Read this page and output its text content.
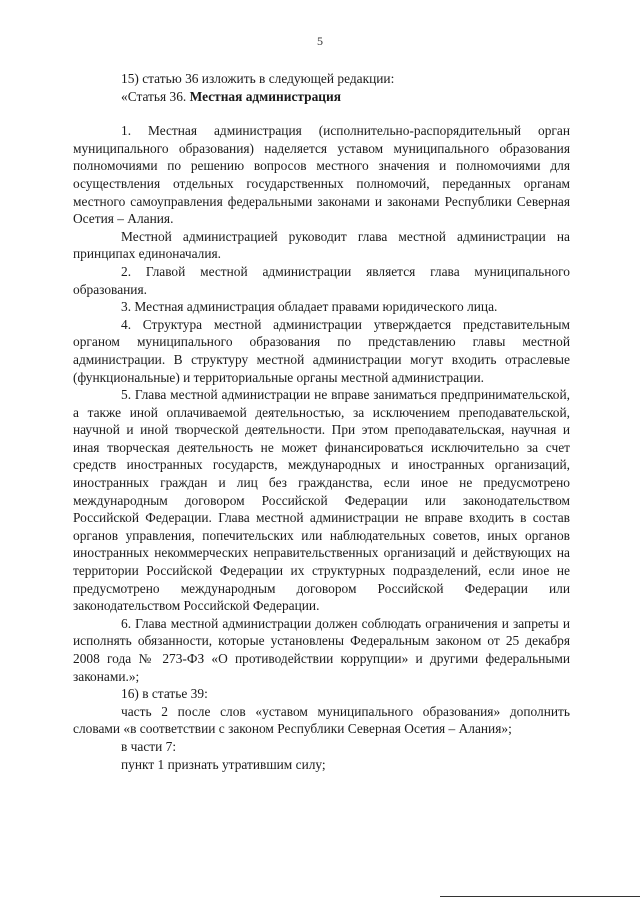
5

15) статью 36 изложить в следующей редакции:

«Статья 36. Местная администрация

1. Местная администрация (исполнительно-распорядительный орган муниципального образования) наделяется уставом муниципального образования полномочиями по решению вопросов местного значения и полномочиями для осуществления отдельных государственных полномочий, переданных органам местного самоуправления федеральными законами и законами Республики Северная Осетия – Алания.

Местной администрацией руководит глава местной администрации на принципах единоначалия.

2. Главой местной администрации является глава муниципального образования.

3. Местная администрация обладает правами юридического лица.

4. Структура местной администрации утверждается представительным органом муниципального образования по представлению главы местной администрации. В структуру местной администрации могут входить отраслевые (функциональные) и территориальные органы местной администрации.

5. Глава местной администрации не вправе заниматься предпринимательской, а также иной оплачиваемой деятельностью, за исключением преподавательской, научной и иной творческой деятельности. При этом преподавательская, научная и иная творческая деятельность не может финансироваться исключительно за счет средств иностранных государств, международных и иностранных организаций, иностранных граждан и лиц без гражданства, если иное не предусмотрено международным договором Российской Федерации или законодательством Российской Федерации. Глава местной администрации не вправе входить в состав органов управления, попечительских или наблюдательных советов, иных органов иностранных некоммерческих неправительственных организаций и действующих на территории Российской Федерации их структурных подразделений, если иное не предусмотрено международным договором Российской Федерации или законодательством Российской Федерации.

6. Глава местной администрации должен соблюдать ограничения и запреты и исполнять обязанности, которые установлены Федеральным законом от 25 декабря 2008 года № 273-ФЗ «О противодействии коррупции» и другими федеральными законами.»;

16) в статье 39:

часть 2 после слов «уставом муниципального образования» дополнить словами «в соответствии с законом Республики Северная Осетия – Алания»;

в части 7:

пункт 1 признать утратившим силу;
